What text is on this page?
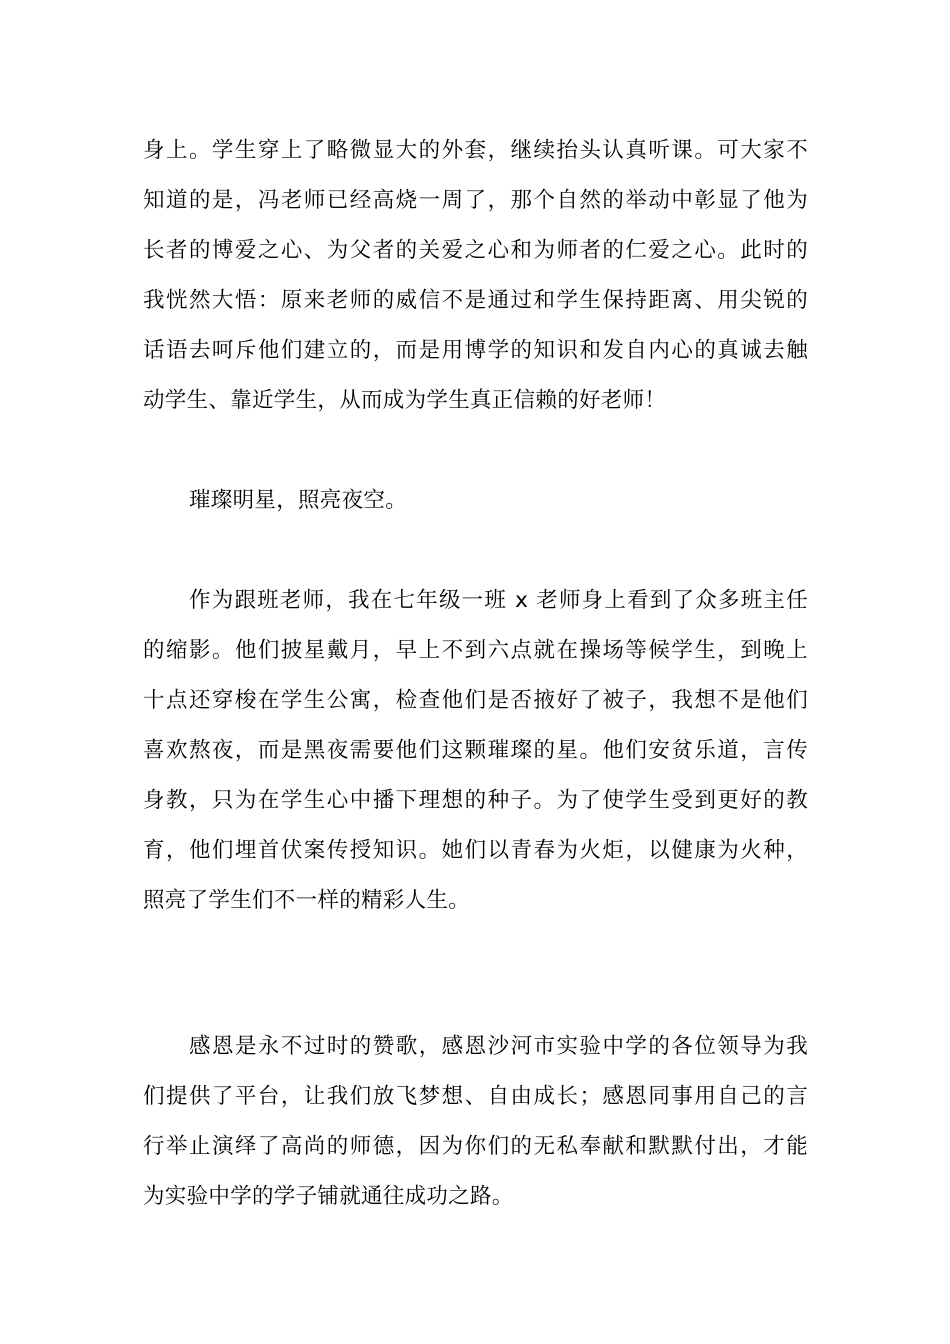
身上。学生穿上了略微显大的外套，继续抬头认真听课。可大家不
知道的是，冯老师已经高烧一周了，那个自然的举动中彰显了他为
长者的博爱之心、为父者的关爱之心和为师者的仁爱之心。此时的
我恍然大悟：原来老师的威信不是通过和学生保持距离、用尖锐的
话语去呵斥他们建立的，而是用博学的知识和发自内心的真诚去触
动学生、靠近学生，从而成为学生真正信赖的好老师！
璀璨明星，照亮夜空。
作为跟班老师，我在七年级一班 x 老师身上看到了众多班主任
的缩影。他们披星戴月，早上不到六点就在操场等候学生，到晚上
十点还穿梭在学生公寓，检查他们是否掖好了被子，我想不是他们
喜欢熬夜，而是黑夜需要他们这颗璀璨的星。他们安贫乐道，言传
身教，只为在学生心中播下理想的种子。为了使学生受到更好的教
育，他们埋首伏案传授知识。她们以青春为火炬，以健康为火种，
照亮了学生们不一样的精彩人生。
感恩是永不过时的赞歌，感恩沙河市实验中学的各位领导为我
们提供了平台，让我们放飞梦想、自由成长；感恩同事用自己的言
行举止演绎了高尚的师德，因为你们的无私奉献和默默付出，才能
为实验中学的学子铺就通往成功之路。
